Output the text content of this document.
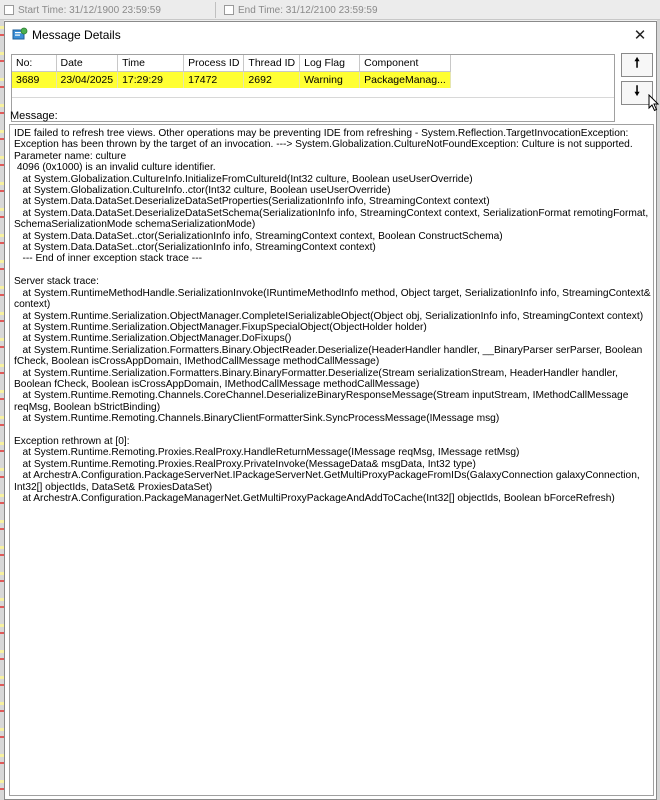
Start Time: 31/12/1900 23:59:59	End Time: 31/12/2100 23:59:59
Message Details	✕
No:	Date	Time	Process ID	Thread ID	Log Flag	Component
3689	23/04/2025	17:29:29	17472	2692	Warning	PackageManag...
🠕
🠗
Message:
IDE failed to refresh tree views. Other operations may be preventing IDE from refreshing - System.Reflection.TargetInvocationException: Exception has been thrown by the target of an invocation. ---> System.Globalization.CultureNotFoundException: Culture is not supported.
Parameter name: culture
4096 (0x1000) is an invalid culture identifier.
at System.Globalization.CultureInfo.InitializeFromCultureId(Int32 culture, Boolean useUserOverride)
at System.Globalization.CultureInfo..ctor(Int32 culture, Boolean useUserOverride)
at System.Data.DataSet.DeserializeDataSetProperties(SerializationInfo info, StreamingContext context)
at System.Data.DataSet.DeserializeDataSetSchema(SerializationInfo info, StreamingContext context, SerializationFormat remotingFormat, SchemaSerializationMode schemaSerializationMode)
at System.Data.DataSet..ctor(SerializationInfo info, StreamingContext context, Boolean ConstructSchema)
at System.Data.DataSet..ctor(SerializationInfo info, StreamingContext context)
--- End of inner exception stack trace ---

Server stack trace:
at System.RuntimeMethodHandle.SerializationInvoke(IRuntimeMethodInfo method, Object target, SerializationInfo info, StreamingContext& context)
at System.Runtime.Serialization.ObjectManager.CompleteISerializableObject(Object obj, SerializationInfo info, StreamingContext context)
at System.Runtime.Serialization.ObjectManager.FixupSpecialObject(ObjectHolder holder)
at System.Runtime.Serialization.ObjectManager.DoFixups()
at System.Runtime.Serialization.Formatters.Binary.ObjectReader.Deserialize(HeaderHandler handler, __BinaryParser serParser, Boolean fCheck, Boolean isCrossAppDomain, IMethodCallMessage methodCallMessage)
at System.Runtime.Serialization.Formatters.Binary.BinaryFormatter.Deserialize(Stream serializationStream, HeaderHandler handler, Boolean fCheck, Boolean isCrossAppDomain, IMethodCallMessage methodCallMessage)
at System.Runtime.Remoting.Channels.CoreChannel.DeserializeBinaryResponseMessage(Stream inputStream, IMethodCallMessage reqMsg, Boolean bStrictBinding)
at System.Runtime.Remoting.Channels.BinaryClientFormatterSink.SyncProcessMessage(IMessage msg)

Exception rethrown at [0]:
at System.Runtime.Remoting.Proxies.RealProxy.HandleReturnMessage(IMessage reqMsg, IMessage retMsg)
at System.Runtime.Remoting.Proxies.RealProxy.PrivateInvoke(MessageData& msgData, Int32 type)
at ArchestrA.Configuration.PackageServerNet.IPackageServerNet.GetMultiProxyPackageFromIDs(GalaxyConnection galaxyConnection, Int32[] objectIds, DataSet& ProxiesDataSet)
at ArchestrA.Configuration.PackageManagerNet.GetMultiProxyPackageAndAddToCache(Int32[] objectIds, Boolean bForceRefresh)
